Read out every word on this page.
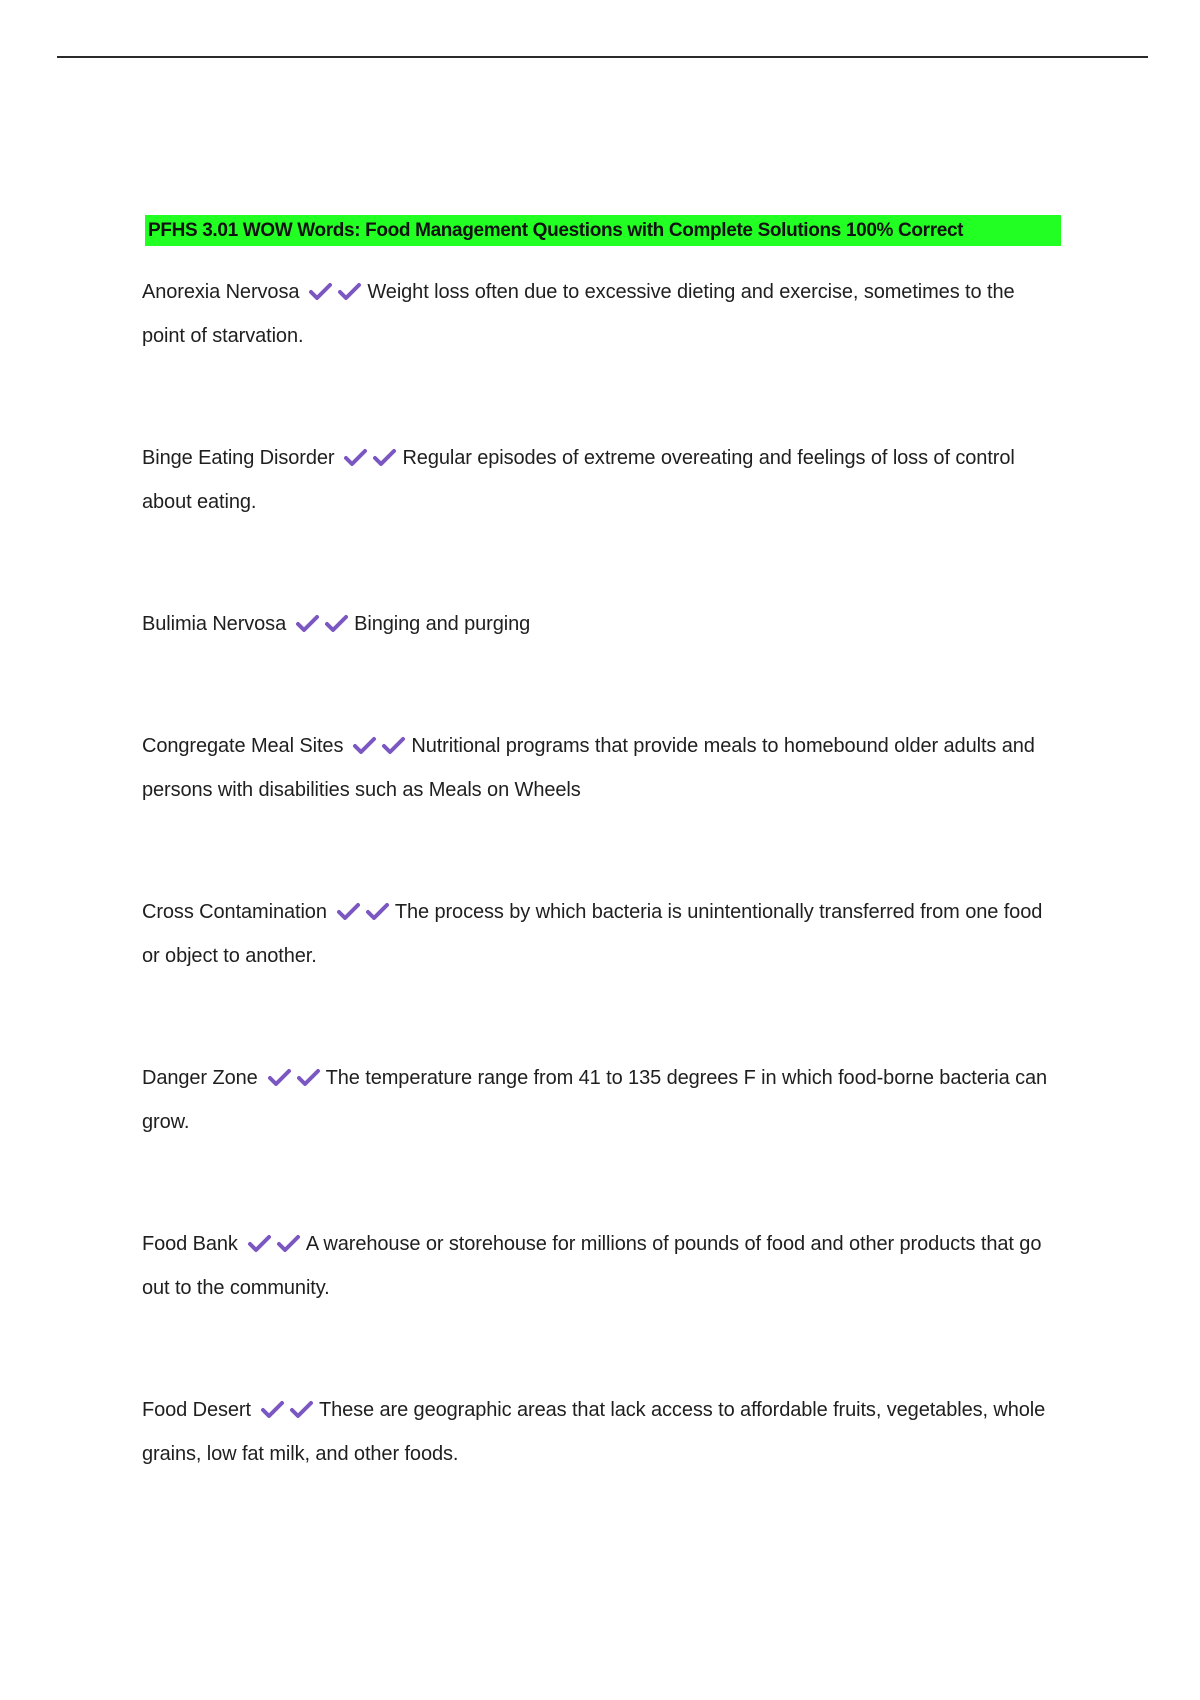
PFHS 3.01 WOW Words: Food Management Questions with Complete Solutions 100% Correct
Anorexia Nervosa	Weight loss often due to excessive dieting and exercise, sometimes to the point of starvation.
Binge Eating Disorder	Regular episodes of extreme overeating and feelings of loss of control about eating.
Bulimia Nervosa	Binging and purging
Congregate Meal Sites	Nutritional programs that provide meals to homebound older adults and persons with disabilities such as Meals on Wheels
Cross Contamination	The process by which bacteria is unintentionally transferred from one food or object to another.
Danger Zone	The temperature range from 41 to 135 degrees F in which food-borne bacteria can grow.
Food Bank	A warehouse or storehouse for millions of pounds of food and other products that go out to the community.
Food Desert	These are geographic areas that lack access to affordable fruits, vegetables, whole grains, low fat milk, and other foods.
